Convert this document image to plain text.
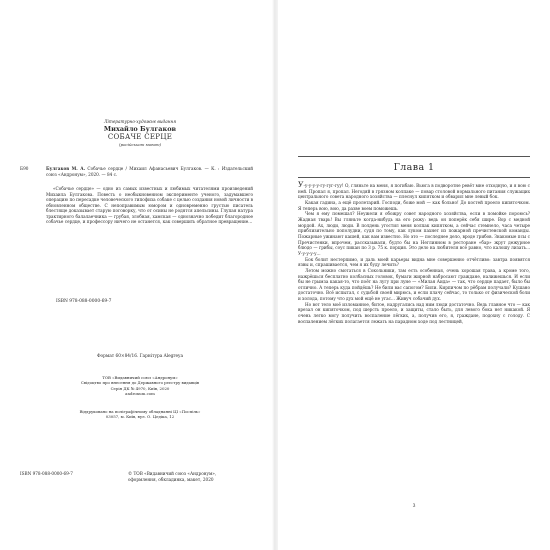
Літературно-художнє видання
Михайло Булгаков
СОБАЧЕ СЕРЦЕ
(російською мовою)
Б90	Булгаков М. А. Собачье сердце / Михаил Афанасьевич Булгаков. — К. : Издательский союз «Андронум», 2020. — 84 с.

«Собачье сердце» — одно из самых известных и любимых читателями произведений Михаила Булгакова. Повесть о необыкновенном эксперименте ученого, задумавшего операцию по пересадке человеческого гипофиза собаке с целью создания новой личности в обновленном обществе. С непоправимым юмором и одновременно грустью писатель блестяще доказывает старую поговорку, что от осины не родятся апельсины. Глупая натура трактирного балалаечника — грубая, злобная, хамская — однозначно победит благородное собачье сердце, и профессору ничего не останется, как совершить обратное превращение...

ISBN 978-088-0000-69-7
Формат 60×84/16. Гарнітура Alegreya
ТОВ «Видавничий союз «Андронум»
Свідоцтво про внесення до Державного реєстру видавців
Серія ДК № 4970, Київ, 2020
andronum.com
Віддруковано на поліграфічному обладнанні ЦІ «Поспіль»
03057, м. Київ, вул. О. Цедіка, 12
ISBN 978-088-0000-69-7	© ТОВ «Видавничий союз «Андронум»,
оформлення, обкладинка, макет, 2020
Глава 1

У-у-у-у-у-гу-гуг-гуу! О, гляньте на меня, я погибаю. Вьюга в подворотне ревёт мне отходную, и я вою с ней. Пропал я, пропал. Негодяй в грязном колпаке — повар столовой нормального питания служащих центрального совета народного хозяйства — плеснул кипятком и обварил мне левый бок.

Какая гадина, а ещё пролетарий. Господи, боже мой — как больно! До костей проело кипяточком. Я теперь вою, вою, да разве воем поможешь.

Чем я ему помешал? Неужели я обожру совет народного хозяйства, если в помойке пороюсь? Жадная тварь! Вы гляньте когда-нибудь на его рожу: ведь он поперёк себя шире. Вор с медной мордой. Ах, люди, люди. В полдень угостил меня колпак кипятком, а сейчас стемнело, часа четыре приблизительно пополудни, судя по тому, как луком пахнет из пожарной пречистенской команды. Пожарные ужинают кашей, как вам известно. Но это — последнее дело, вроде грибов. Знакомые псы с Пречистенки, впрочем, рассказывали, будто бы на Неглинном в ресторане «бар» жрут дежурное блюдо — грибы, соус пикан по 3 р. 75 к. порция. Это дело на любителя всё равно, что калошу лизать... У-у-у-у-у...

Бок болит нестерпимо, и даль моей карьеры видна мне совершенно отчётливо: завтра появятся язвы и, спрашивается, чем я их буду лечить?

Летом можно смотаться в Сокольники, там есть особенная, очень хорошая трава, а кроме того, нажрёшься бесплатно колбасных головок, бумаги жирной набросают граждане, налижешься. И если бы не грымза какая-то, что поёт на лугу при луне — «Милая Аида» — так, что сердце падает, было бы отлично. А теперь куда пойдёшь? Не били вас сапогом? Били. Кирпичом по рёбрам получали? Кушано достаточно. Всё испытал, с судьбой своей мирюсь, и если плачу сейчас, то только от физической боли и холода, потому что дух мой ещё не угас... Живуч собачий дух.

Но вот тело моё изломанное, битое, надругались над ним люди достаточно. Ведь главное что — как врезал он кипяточком, под шерсть проело, и защиты, стало быть, для левого бока нет никакой. Я очень легко могу получить воспаление лёгких, а, получив его, я, граждане, подохну с голоду. С воспалением лёгких полагается лежать на парадном ходе под лестницей,

3
